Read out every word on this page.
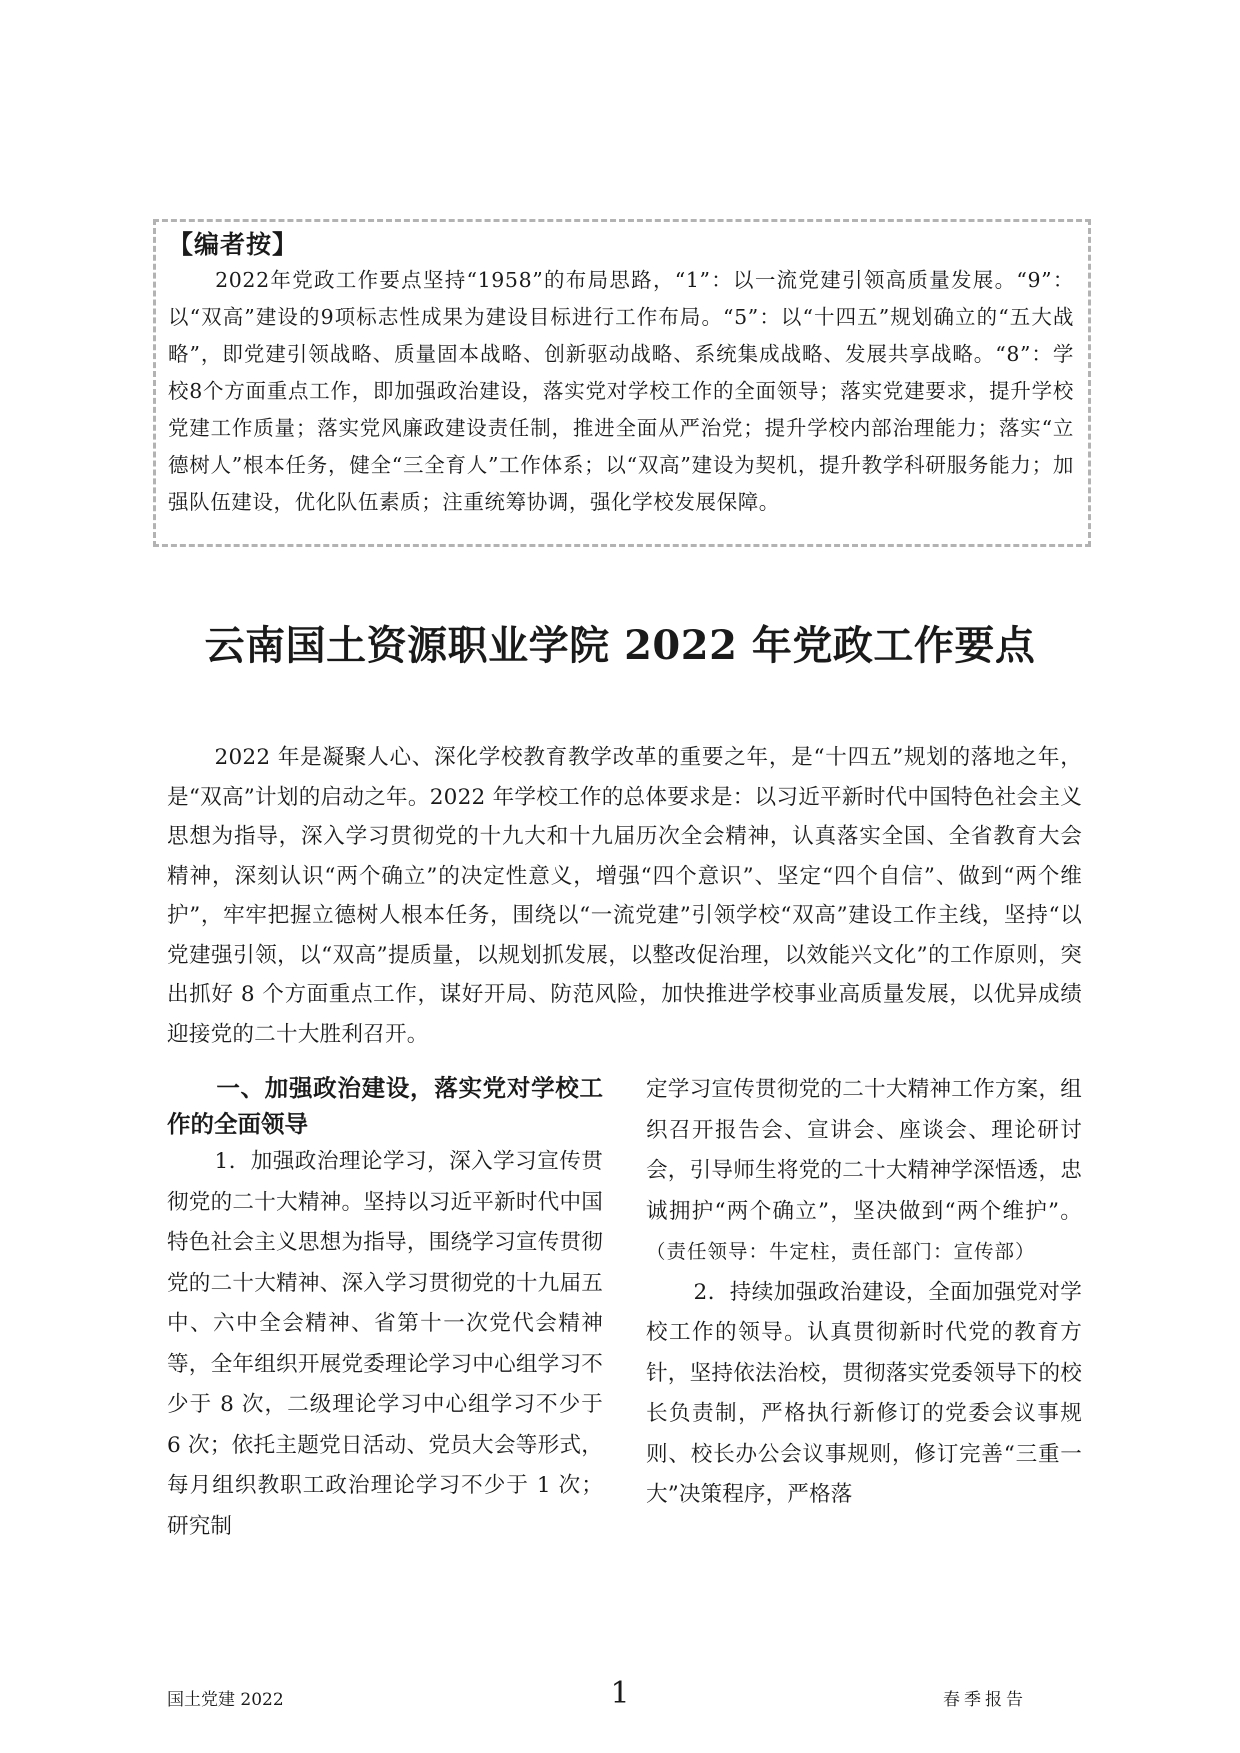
【编者按】
2022年党政工作要点坚持“1958”的布局思路，“1”：以一流党建引领高质量发展。“9”：以“双高”建设的9项标志性成果为建设目标进行工作布局。“5”：以“十四五”规划确立的“五大战略”，即党建引领战略、质量固本战略、创新驱动战略、系统集成战略、发展共享战略。“8”：学校8个方面重点工作，即加强政治建设，落实党对学校工作的全面领导；落实党建要求，提升学校党建工作质量；落实党风廉政建设责任制，推进全面从严治党；提升学校内部治理能力；落实“立德树人”根本任务，健全“三全育人”工作体系；以“双高”建设为契机，提升教学科研服务能力；加强队伍建设，优化队伍素质；注重统筹协调，强化学校发展保障。
云南国土资源职业学院 2022 年党政工作要点

2022 年是凝聚人心、深化学校教育教学改革的重要之年，是“十四五”规划的落地之年，是“双高”计划的启动之年。2022 年学校工作的总体要求是：以习近平新时代中国特色社会主义思想为指导，深入学习贯彻党的十九大和十九届历次全会精神，认真落实全国、全省教育大会精神，深刻认识“两个确立”的决定性意义，增强“四个意识”、坚定“四个自信”、做到“两个维护”，牢牢把握立德树人根本任务，围绕以“一流党建”引领学校“双高”建设工作主线，坚持“以党建强引领，以“双高”提质量，以规划抓发展，以整改促治理，以效能兴文化”的工作原则，突出抓好 8 个方面重点工作，谋好开局、防范风险，加快推进学校事业高质量发展，以优异成绩迎接党的二十大胜利召开。

一、加强政治建设，落实党对学校工作的全面领导

1．加强政治理论学习，深入学习宣传贯彻党的二十大精神。坚持以习近平新时代中国特色社会主义思想为指导，围绕学习宣传贯彻党的二十大精神、深入学习贯彻党的十九届五中、六中全会精神、省第十一次党代会精神等，全年组织开展党委理论学习中心组学习不少于 8 次，二级理论学习中心组学习不少于 6 次；依托主题党日活动、党员大会等形式，每月组织教职工政治理论学习不少于 1 次；研究制

定学习宣传贯彻党的二十大精神工作方案，组织召开报告会、宣讲会、座谈会、理论研讨会，引导师生将党的二十大精神学深悟透，忠诚拥护“两个确立”，坚决做到“两个维护”。（责任领导：牛定柱，责任部门：宣传部）

2．持续加强政治建设，全面加强党对学校工作的领导。认真贯彻新时代党的教育方针，坚持依法治校，贯彻落实党委领导下的校长负责制，严格执行新修订的党委会议事规则、校长办公会议事规则，修订完善“三重一大”决策程序，严格落

国土党建 2022	1	春季报告
